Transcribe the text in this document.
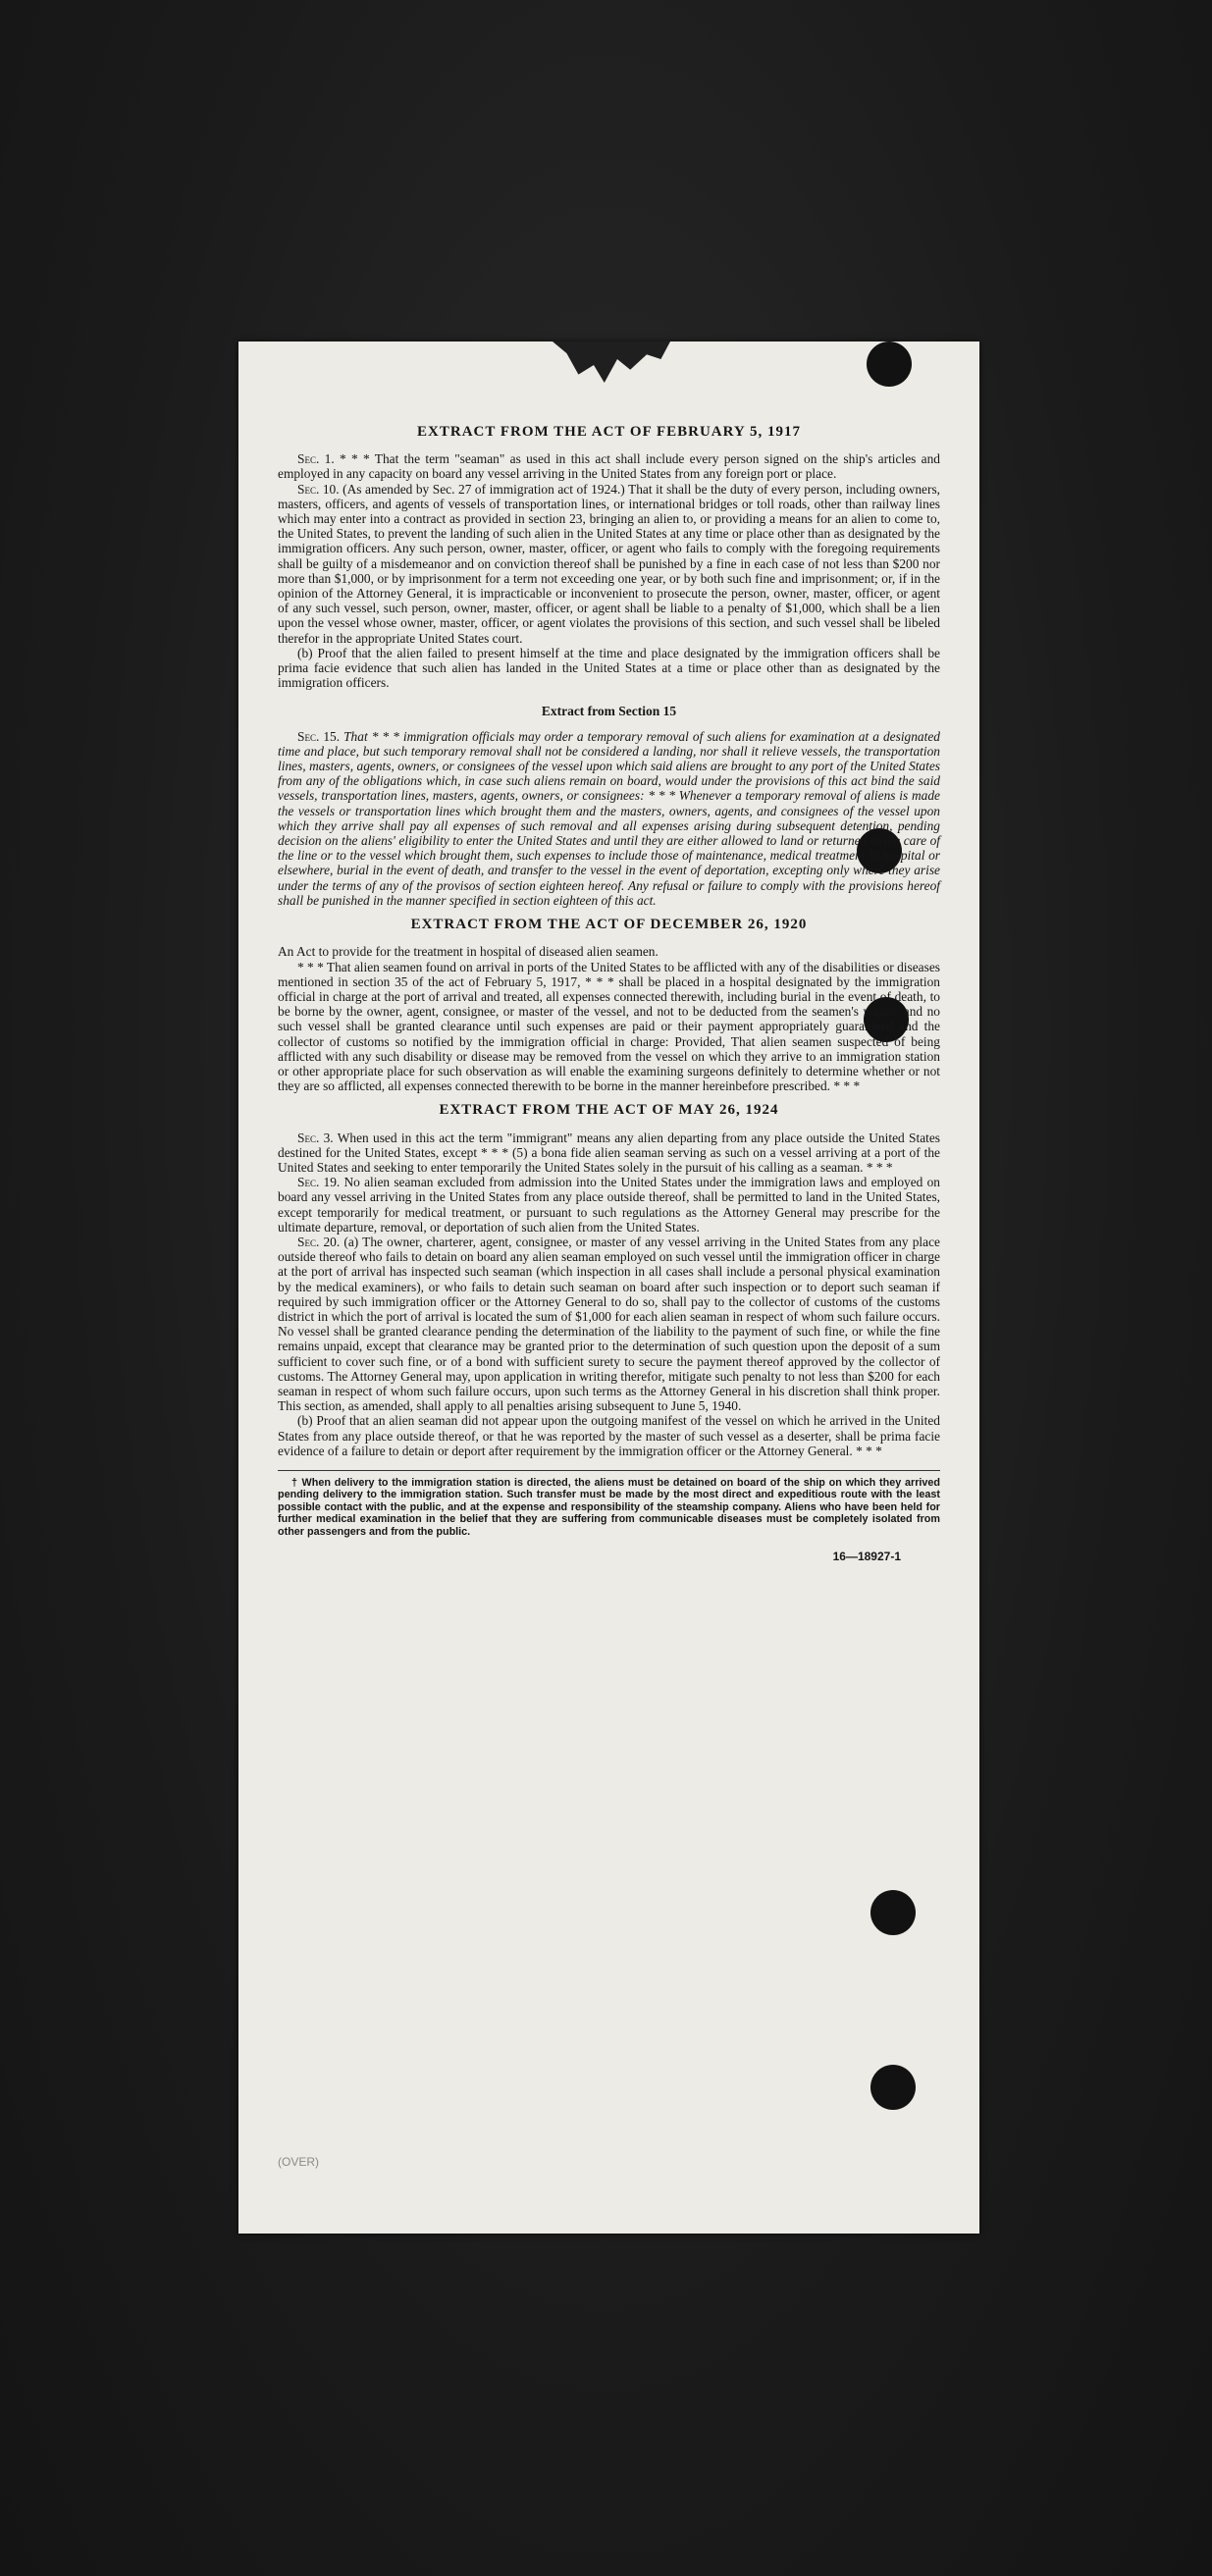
EXTRACT FROM THE ACT OF FEBRUARY 5, 1917

Sec. 1. * * * That the term "seaman" as used in this act shall include every person signed on the ship's articles and employed in any capacity on board any vessel arriving in the United States from any foreign port or place.

Sec. 10. (As amended by Sec. 27 of immigration act of 1924.) That it shall be the duty of every person, including owners, masters, officers, and agents of vessels of transportation lines, or international bridges or toll roads, other than railway lines which may enter into a contract as provided in section 23, bringing an alien to, or providing a means for an alien to come to, the United States, to prevent the landing of such alien in the United States at any time or place other than as designated by the immigration officers. Any such person, owner, master, officer, or agent who fails to comply with the foregoing requirements shall be guilty of a misdemeanor and on conviction thereof shall be punished by a fine in each case of not less than $200 nor more than $1,000, or by imprisonment for a term not exceeding one year, or by both such fine and imprisonment; or, if in the opinion of the Attorney General, it is impracticable or inconvenient to prosecute the person, owner, master, officer, or agent of any such vessel, such person, owner, master, officer, or agent shall be liable to a penalty of $1,000, which shall be a lien upon the vessel whose owner, master, officer, or agent violates the provisions of this section, and such vessel shall be libeled therefor in the appropriate United States court.

(b) Proof that the alien failed to present himself at the time and place designated by the immigration officers shall be prima facie evidence that such alien has landed in the United States at a time or place other than as designated by the immigration officers.

Extract from Section 15

Sec. 15. That * * * immigration officials may order a temporary removal of such aliens for examination at a designated time and place, but such temporary removal shall not be considered a landing, nor shall it relieve vessels, the transportation lines, masters, agents, owners, or consignees of the vessel upon which said aliens are brought to any port of the United States from any of the obligations which, in case such aliens remain on board, would under the provisions of this act bind the said vessels, transportation lines, masters, agents, owners, or consignees: * * * Whenever a temporary removal of aliens is made the vessels or transportation lines which brought them and the masters, owners, agents, and consignees of the vessel upon which they arrive shall pay all expenses of such removal and all expenses arising during subsequent detention, pending decision on the aliens' eligibility to enter the United States and until they are either allowed to land or returned to the care of the line or to the vessel which brought them, such expenses to include those of maintenance, medical treatment in hospital or elsewhere, burial in the event of death, and transfer to the vessel in the event of deportation, excepting only where they arise under the terms of any of the provisos of section eighteen hereof. Any refusal or failure to comply with the provisions hereof shall be punished in the manner specified in section eighteen of this act.

EXTRACT FROM THE ACT OF DECEMBER 26, 1920

An Act to provide for the treatment in hospital of diseased alien seamen.

* * * That alien seamen found on arrival in ports of the United States to be afflicted with any of the disabilities or diseases mentioned in section 35 of the act of February 5, 1917, * * * shall be placed in a hospital designated by the immigration official in charge at the port of arrival and treated, all expenses connected therewith, including burial in the event of death, to be borne by the owner, agent, consignee, or master of the vessel, and not to be deducted from the seamen's wages, and no such vessel shall be granted clearance until such expenses are paid or their payment appropriately guaranteed and the collector of customs so notified by the immigration official in charge: Provided, That alien seamen suspected of being afflicted with any such disability or disease may be removed from the vessel on which they arrive to an immigration station or other appropriate place for such observation as will enable the examining surgeons definitely to determine whether or not they are so afflicted, all expenses connected therewith to be borne in the manner hereinbefore prescribed. * * *

EXTRACT FROM THE ACT OF MAY 26, 1924

Sec. 3. When used in this act the term "immigrant" means any alien departing from any place outside the United States destined for the United States, except * * * (5) a bona fide alien seaman serving as such on a vessel arriving at a port of the United States and seeking to enter temporarily the United States solely in the pursuit of his calling as a seaman. * * *

Sec. 19. No alien seaman excluded from admission into the United States under the immigration laws and employed on board any vessel arriving in the United States from any place outside thereof, shall be permitted to land in the United States, except temporarily for medical treatment, or pursuant to such regulations as the Attorney General may prescribe for the ultimate departure, removal, or deportation of such alien from the United States.

Sec. 20. (a) The owner, charterer, agent, consignee, or master of any vessel arriving in the United States from any place outside thereof who fails to detain on board any alien seaman employed on such vessel until the immigration officer in charge at the port of arrival has inspected such seaman (which inspection in all cases shall include a personal physical examination by the medical examiners), or who fails to detain such seaman on board after such inspection or to deport such seaman if required by such immigration officer or the Attorney General to do so, shall pay to the collector of customs of the customs district in which the port of arrival is located the sum of $1,000 for each alien seaman in respect of whom such failure occurs. No vessel shall be granted clearance pending the determination of the liability to the payment of such fine, or while the fine remains unpaid, except that clearance may be granted prior to the determination of such question upon the deposit of a sum sufficient to cover such fine, or of a bond with sufficient surety to secure the payment thereof approved by the collector of customs. The Attorney General may, upon application in writing therefor, mitigate such penalty to not less than $200 for each seaman in respect of whom such failure occurs, upon such terms as the Attorney General in his discretion shall think proper. This section, as amended, shall apply to all penalties arising subsequent to June 5, 1940.

(b) Proof that an alien seaman did not appear upon the outgoing manifest of the vessel on which he arrived in the United States from any place outside thereof, or that he was reported by the master of such vessel as a deserter, shall be prima facie evidence of a failure to detain or deport after requirement by the immigration officer or the Attorney General. * * *

† When delivery to the immigration station is directed, the aliens must be detained on board of the ship on which they arrived pending delivery to the immigration station. Such transfer must be made by the most direct and expeditious route with the least possible contact with the public, and at the expense and responsibility of the steamship company. Aliens who have been held for further medical examination in the belief that they are suffering from communicable diseases must be completely isolated from other passengers and from the public.
16—18927-1
(OVER)
